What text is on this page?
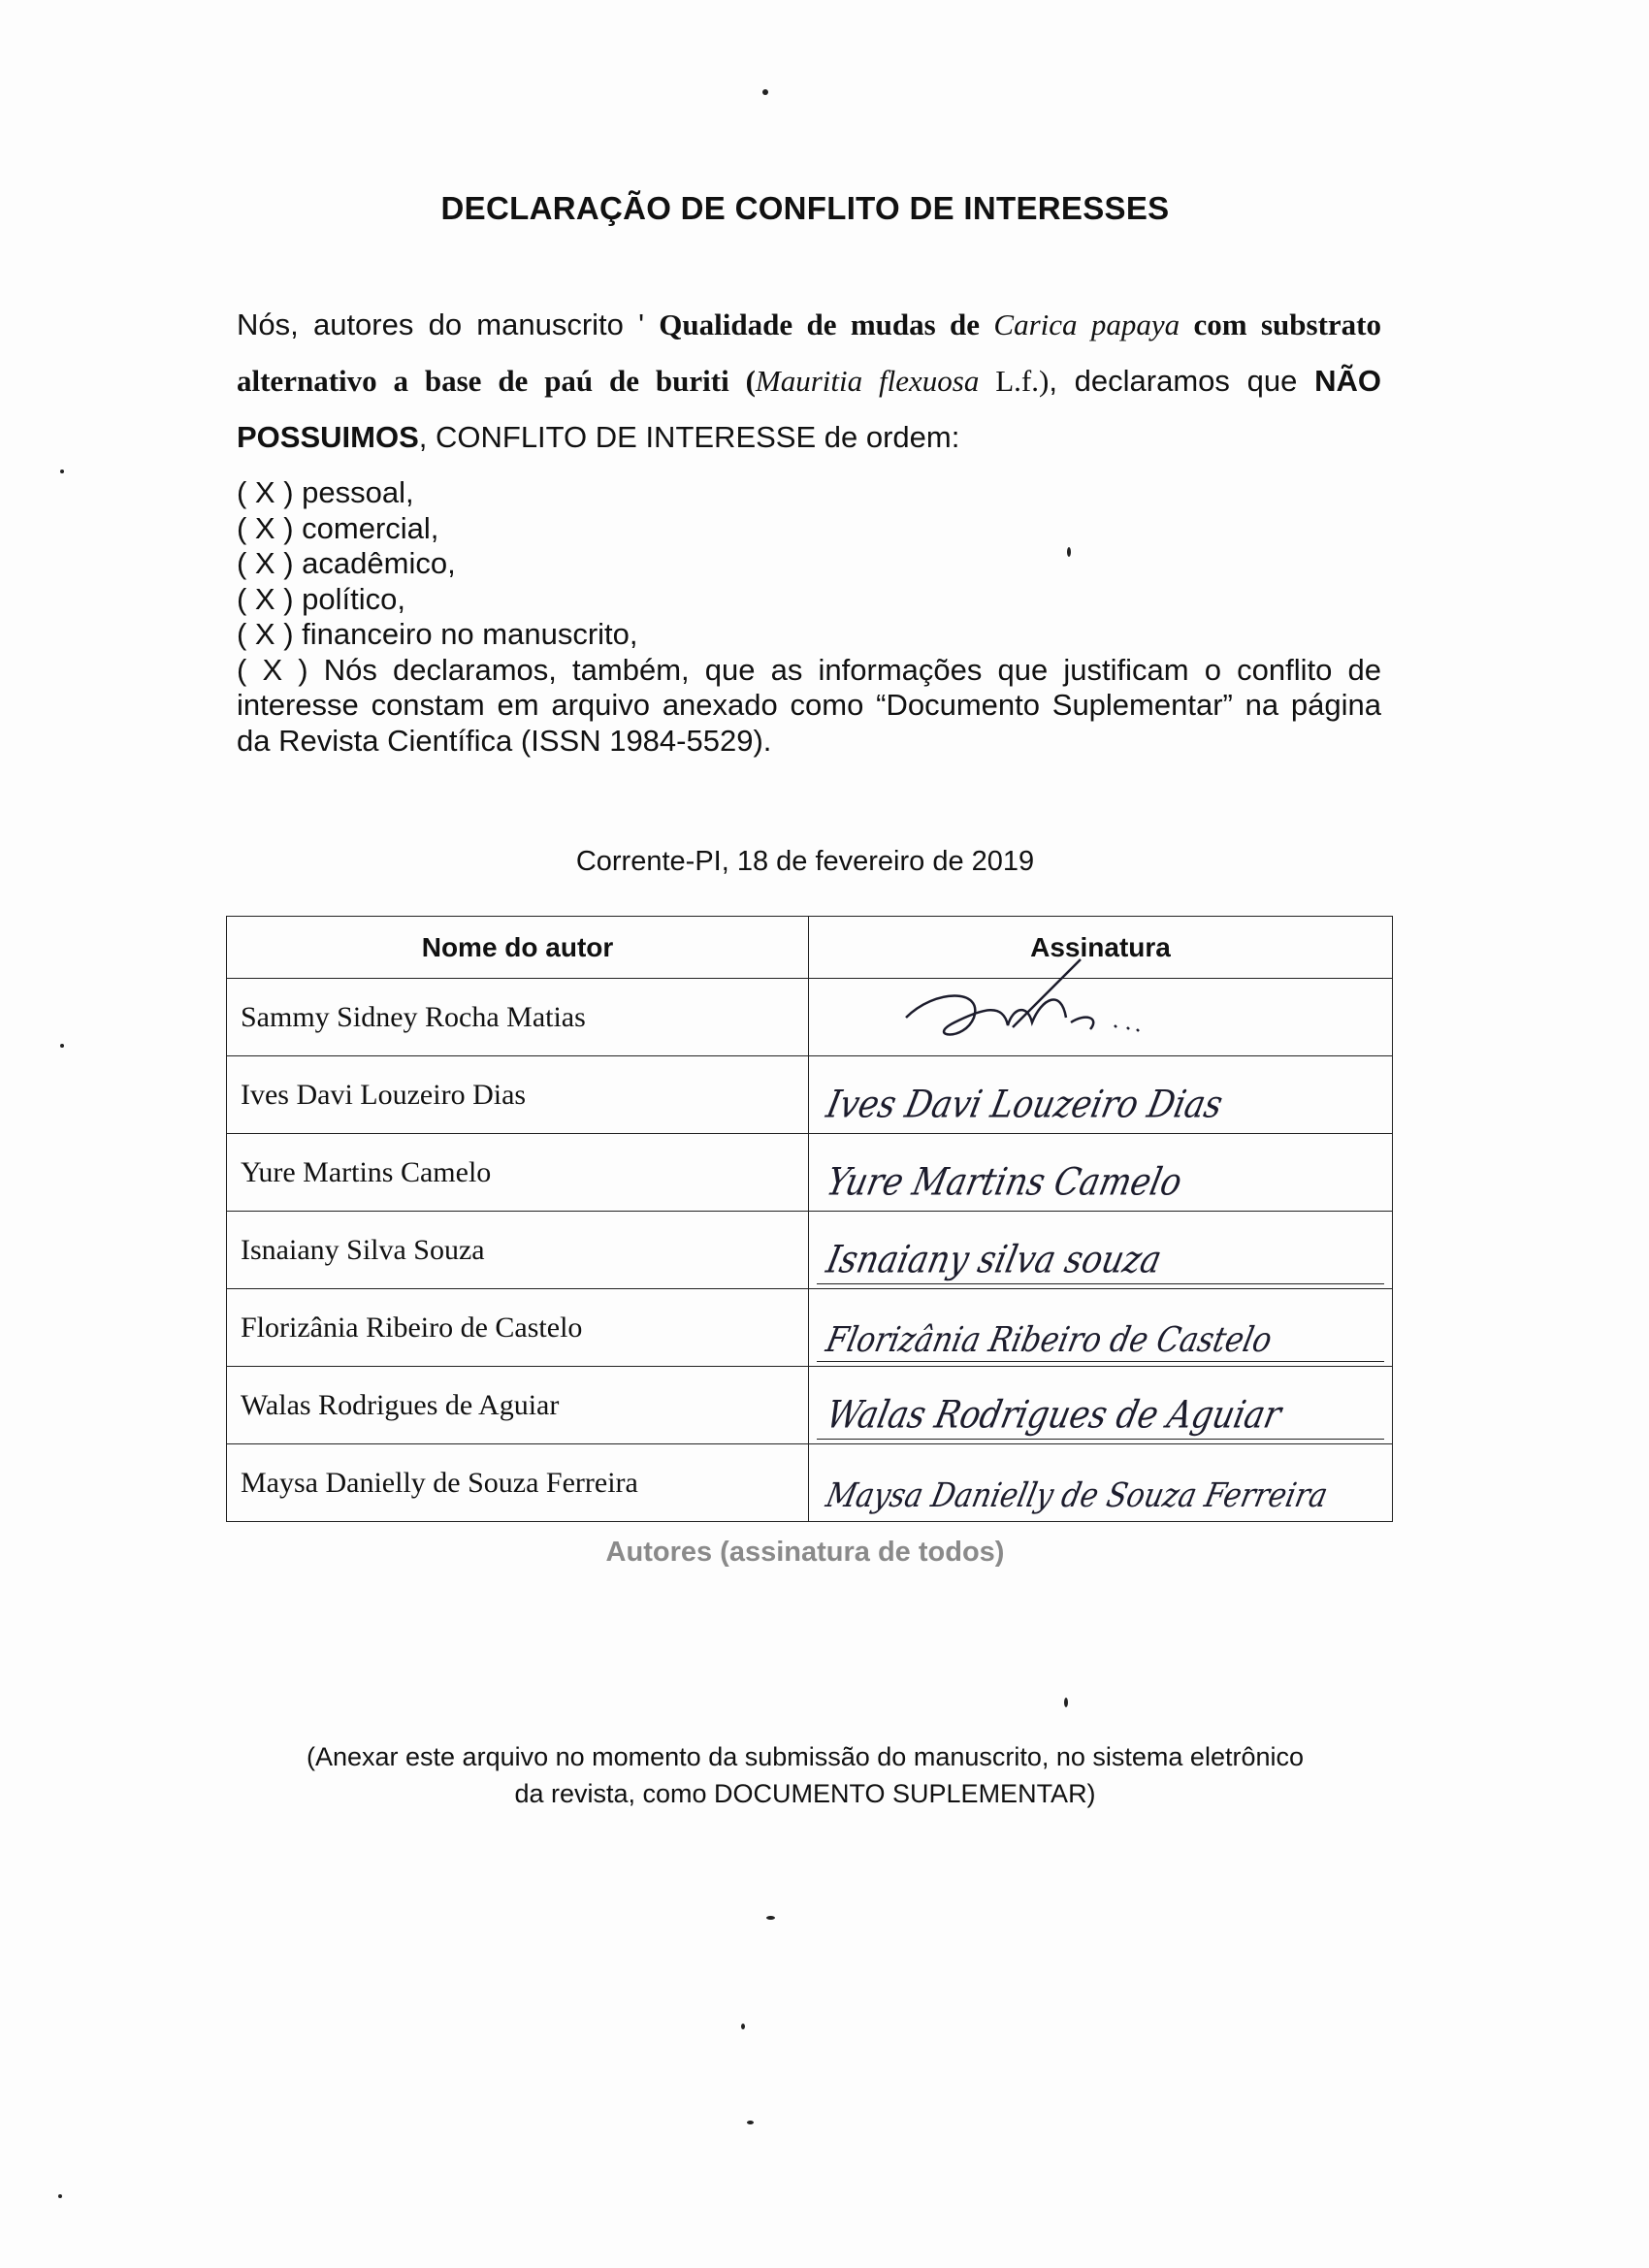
DECLARAÇÃO DE CONFLITO DE INTERESSES
Nós, autores do manuscrito ' Qualidade de mudas de Carica papaya com substrato alternativo a base de paú de buriti (Mauritia flexuosa L.f.), declaramos que NÃO POSSUIMOS, CONFLITO DE INTERESSE de ordem:
( X ) pessoal,
( X ) comercial,
( X ) acadêmico,
( X ) político,
( X ) financeiro no manuscrito,
( X ) Nós declaramos, também, que as informações que justificam o conflito de interesse constam em arquivo anexado como “Documento Suplementar” na página da Revista Científica (ISSN 1984-5529).
Corrente-PI, 18 de fevereiro de 2019
Nome do autor	Assinatura
Sammy Sidney Rocha Matias	

Ives Davi Louzeiro Dias	Ives Davi Louzeiro Dias

Yure Martins Camelo	Yure Martins Camelo

Isnaiany Silva Souza	Isnaiany silva souza

Florizânia Ribeiro de Castelo	Florizânia Ribeiro de Castelo

Walas Rodrigues de Aguiar	Walas Rodrigues de Aguiar

Maysa Danielly de Souza Ferreira	Maysa Danielly de Souza Ferreira
Autores (assinatura de todos)
(Anexar este arquivo no momento da submissão do manuscrito, no sistema eletrônico
da revista, como DOCUMENTO SUPLEMENTAR)
